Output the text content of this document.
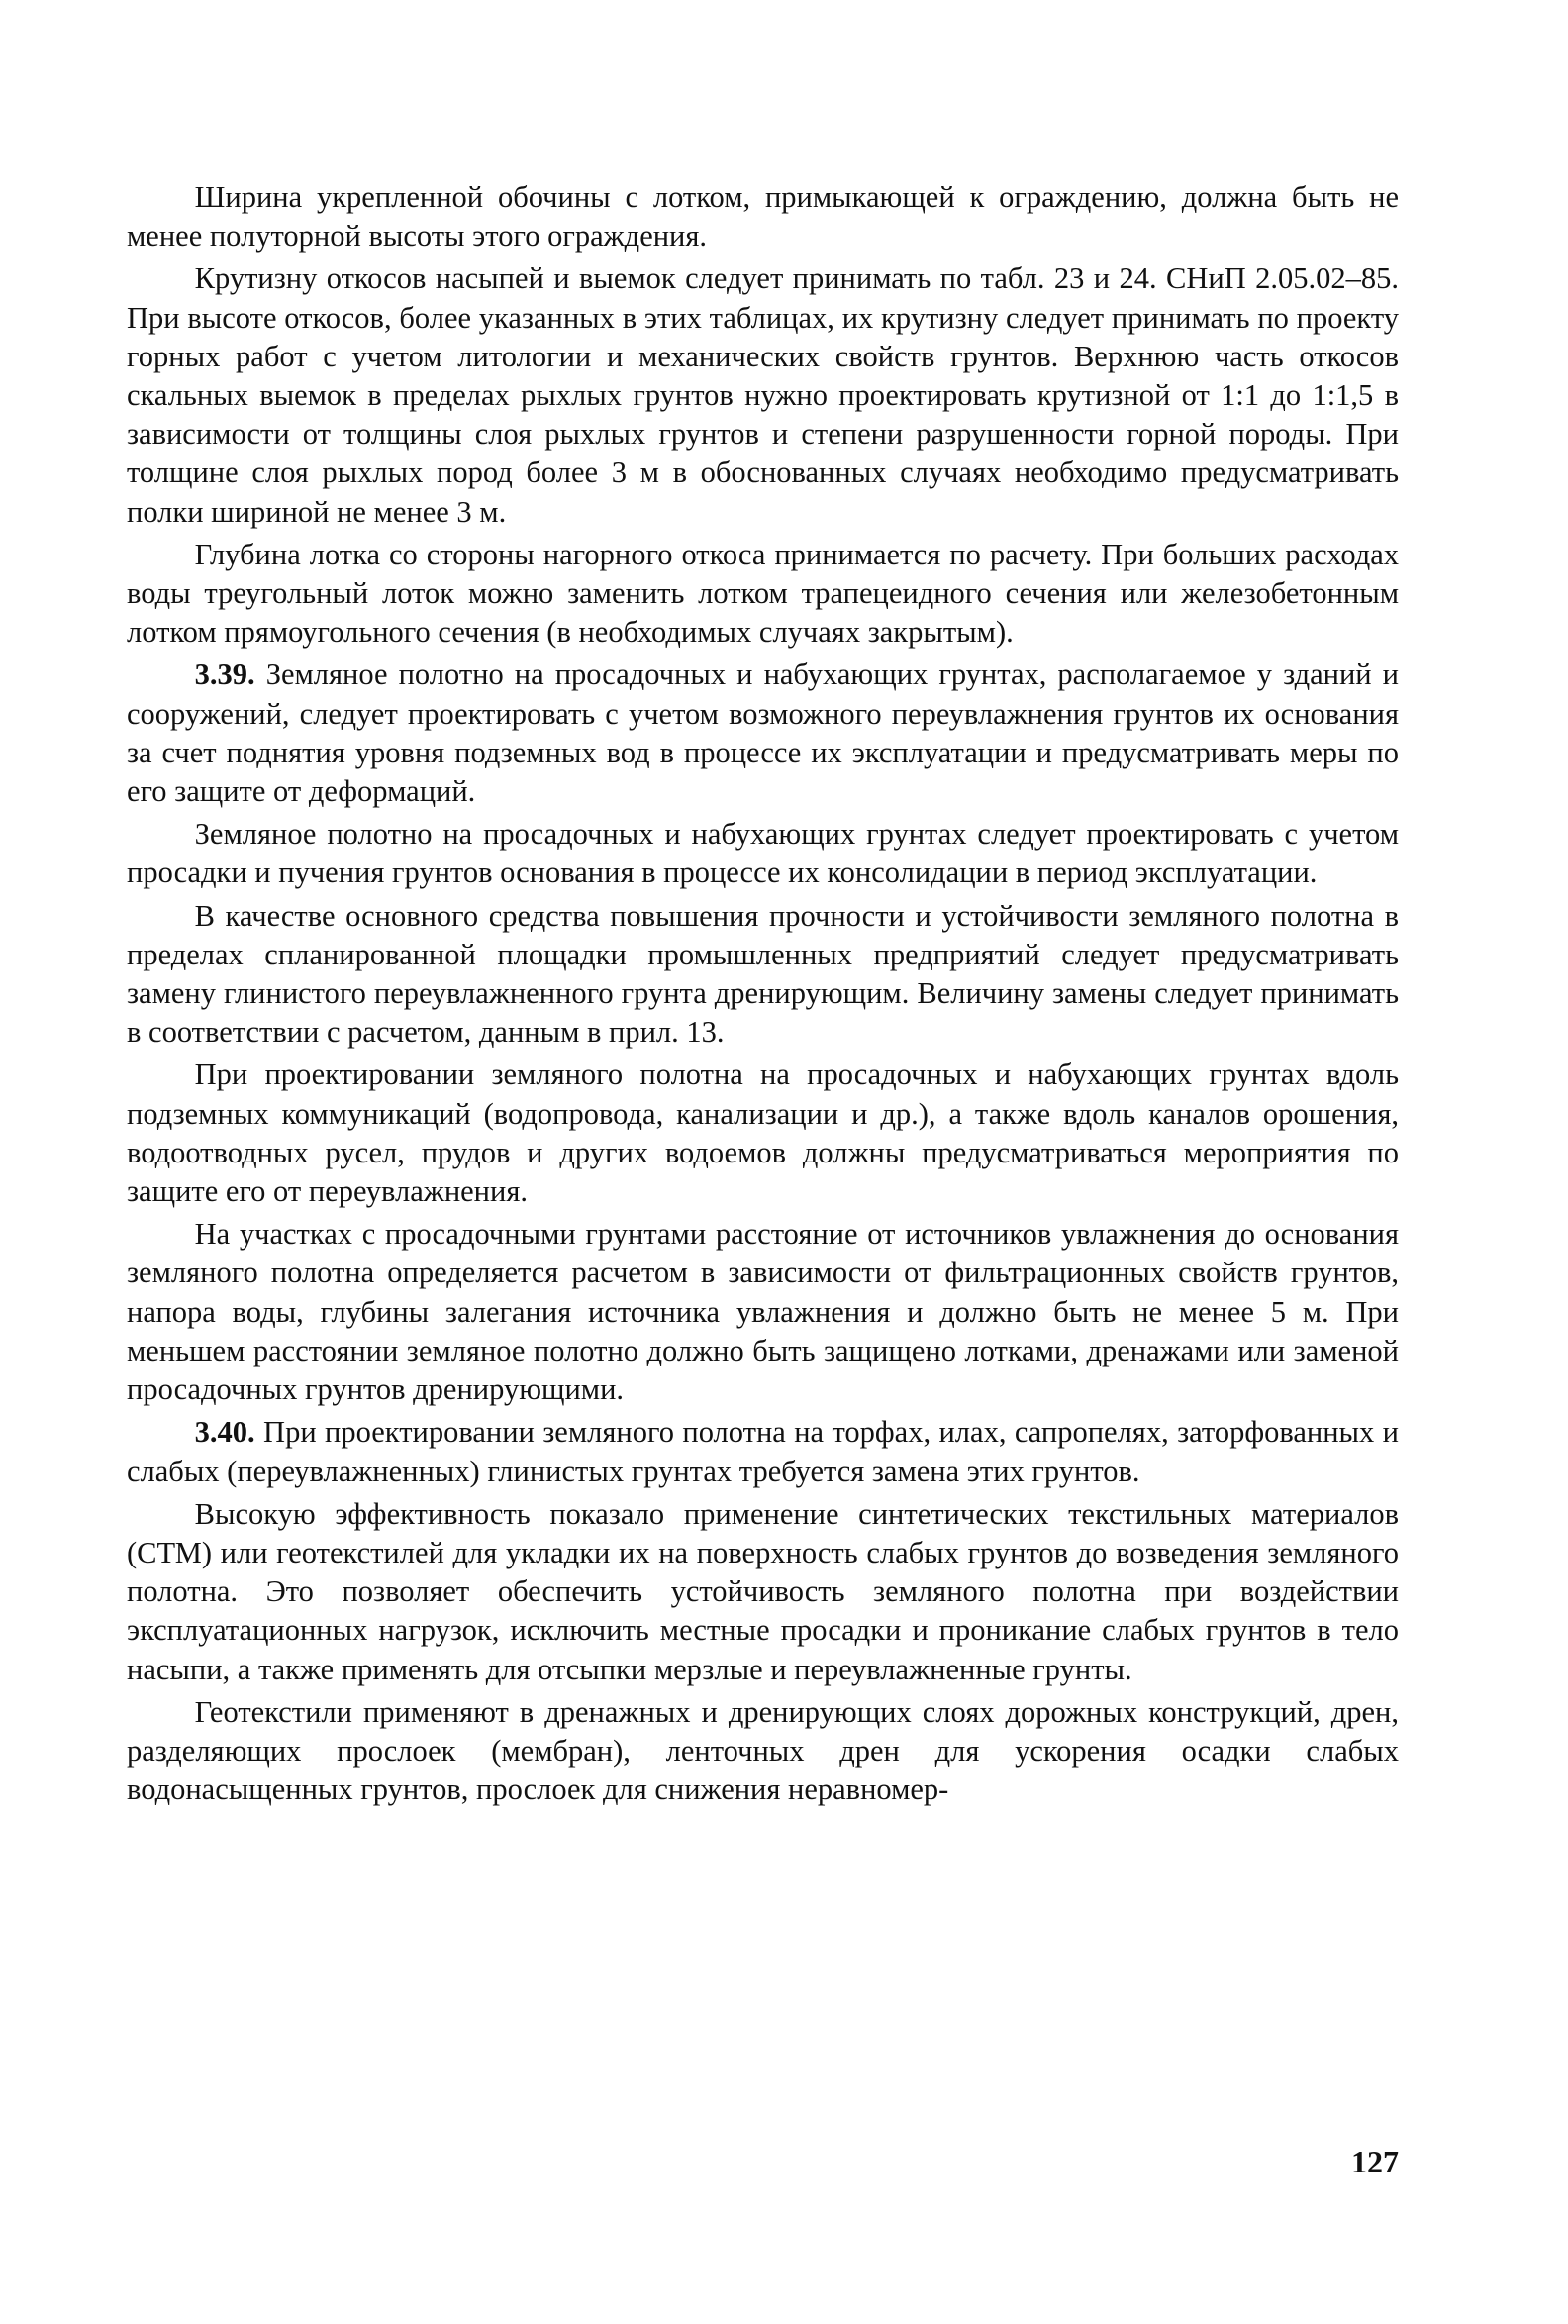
Ширина укрепленной обочины с лотком, примыкающей к ограждению, должна быть не менее полуторной высоты этого ограждения.

Крутизну откосов насыпей и выемок следует принимать по табл. 23 и 24. СНиП 2.05.02–85. При высоте откосов, более указанных в этих таблицах, их крутизну следует принимать по проекту горных работ с учетом литологии и механических свойств грунтов. Верхнюю часть откосов скальных выемок в пределах рыхлых грунтов нужно проектировать крутизной от 1:1 до 1:1,5 в зависимости от толщины слоя рыхлых грунтов и степени разрушенности горной породы. При толщине слоя рыхлых пород более 3 м в обоснованных случаях необходимо предусматривать полки шириной не менее 3 м.

Глубина лотка со стороны нагорного откоса принимается по расчету. При больших расходах воды треугольный лоток можно заменить лотком трапецеидного сечения или железобетонным лотком прямоугольного сечения (в необходимых случаях закрытым).

3.39. Земляное полотно на просадочных и набухающих грунтах, располагаемое у зданий и сооружений, следует проектировать с учетом возможного переувлажнения грунтов их основания за счет поднятия уровня подземных вод в процессе их эксплуатации и предусматривать меры по его защите от деформаций.

Земляное полотно на просадочных и набухающих грунтах следует проектировать с учетом просадки и пучения грунтов основания в процессе их консолидации в период эксплуатации.

В качестве основного средства повышения прочности и устойчивости земляного полотна в пределах спланированной площадки промышленных предприятий следует предусматривать замену глинистого переувлажненного грунта дренирующим. Величину замены следует принимать в соответствии с расчетом, данным в прил. 13.

При проектировании земляного полотна на просадочных и набухающих грунтах вдоль подземных коммуникаций (водопровода, канализации и др.), а также вдоль каналов орошения, водоотводных русел, прудов и других водоемов должны предусматриваться мероприятия по защите его от переувлажнения.

На участках с просадочными грунтами расстояние от источников увлажнения до основания земляного полотна определяется расчетом в зависимости от фильтрационных свойств грунтов, напора воды, глубины залегания источника увлажнения и должно быть не менее 5 м. При меньшем расстоянии земляное полотно должно быть защищено лотками, дренажами или заменой просадочных грунтов дренирующими.

3.40. При проектировании земляного полотна на торфах, илах, сапропелях, заторфованных и слабых (переувлажненных) глинистых грунтах требуется замена этих грунтов.

Высокую эффективность показало применение синтетических текстильных материалов (СТМ) или геотекстилей для укладки их на поверхность слабых грунтов до возведения земляного полотна. Это позволяет обеспечить устойчивость земляного полотна при воздействии эксплуатационных нагрузок, исключить местные просадки и проникание слабых грунтов в тело насыпи, а также применять для отсыпки мерзлые и переувлажненные грунты.

Геотекстили применяют в дренажных и дренирующих слоях дорожных конструкций, дрен, разделяющих прослоек (мембран), ленточных дрен для ускорения осадки слабых водонасыщенных грунтов, прослоек для снижения неравномер-

127
